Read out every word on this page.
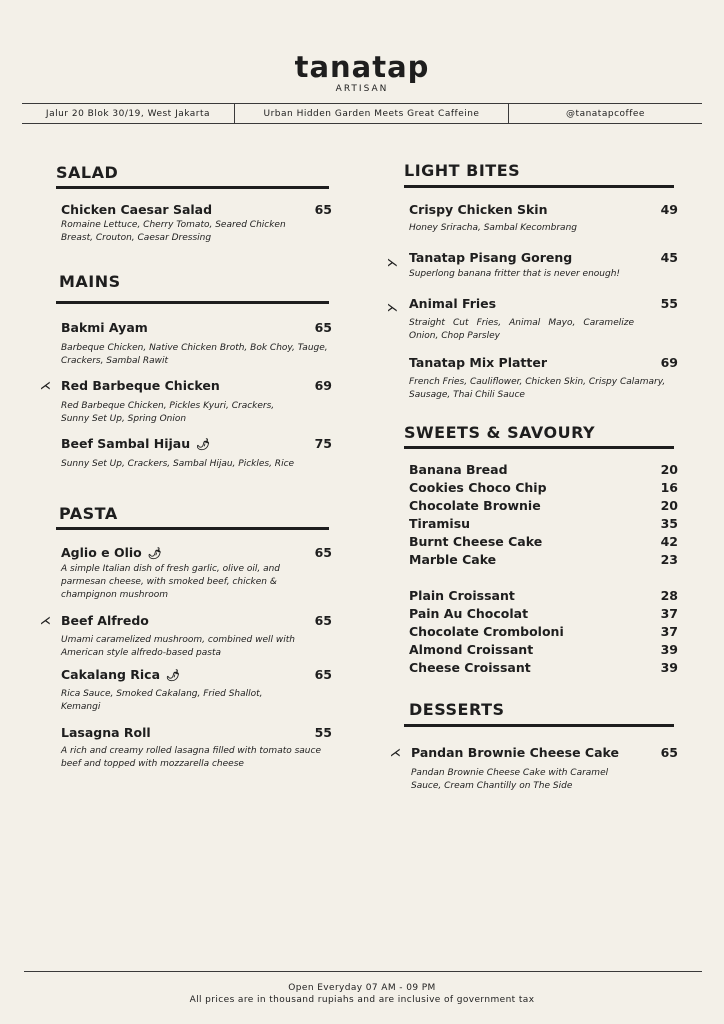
tanatap
ARTISAN
Jalur 20 Blok 30/19, West Jakarta	Urban Hidden Garden Meets Great Caffeine	@tanatapcoffee
SALAD
Chicken Caesar Salad	65
Romaine Lettuce, Cherry Tomato, Seared Chicken Breast, Crouton, Caesar Dressing
MAINS
Bakmi Ayam	65
Barbeque Chicken, Native Chicken Broth, Bok Choy, Tauge, Crackers, Sambal Rawit
⋌ Red Barbeque Chicken	69
Red Barbeque Chicken, Pickles Kyuri, Crackers, Sunny Set Up, Spring Onion
Beef Sambal Hijau 🌶	75
Sunny Set Up, Crackers, Sambal Hijau, Pickles, Rice
PASTA
Aglio e Olio 🌶	65
A simple Italian dish of fresh garlic, olive oil, and parmesan cheese, with smoked beef, chicken & champignon mushroom
⋌ Beef Alfredo	65
Umami caramelized mushroom, combined well with American style alfredo-based pasta
Cakalang Rica 🌶	65
Rica Sauce, Smoked Cakalang, Fried Shallot, Kemangi
Lasagna Roll	55
A rich and creamy rolled lasagna filled with tomato sauce beef and topped with mozzarella cheese
LIGHT BITES
Crispy Chicken Skin	49
Honey Sriracha, Sambal Kecombrang
⋋ Tanatap Pisang Goreng	45
Superlong banana fritter that is never enough!
⋋ Animal Fries	55
Straight Cut Fries, Animal Mayo, Caramelize Onion, Chop Parsley
Tanatap Mix Platter	69
French Fries, Cauliflower, Chicken Skin, Crispy Calamary, Sausage, Thai Chili Sauce
SWEETS & SAVOURY
Banana Bread	20
Cookies Choco Chip	16
Chocolate Brownie	20
Tiramisu	35
Burnt Cheese Cake	42
Marble Cake	23
Plain Croissant	28
Pain Au Chocolat	37
Chocolate Cromboloni	37
Almond Croissant	39
Cheese Croissant	39
DESSERTS
⋌ Pandan Brownie Cheese Cake	65
Pandan Brownie Cheese Cake with Caramel Sauce, Cream Chantilly on The Side
Open Everyday 07 AM - 09 PM
All prices are in thousand rupiahs and are inclusive of government tax
